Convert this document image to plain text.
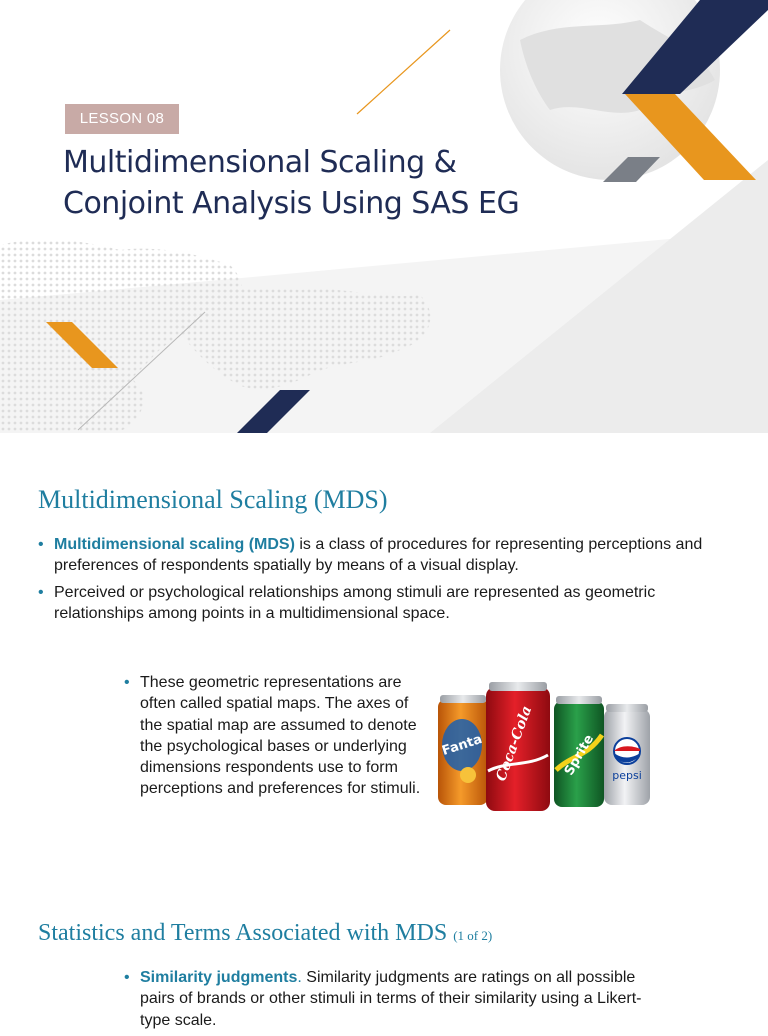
LESSON 08
Multidimensional Scaling &
Conjoint Analysis Using SAS EG
Multidimensional Scaling (MDS)
• Multidimensional scaling (MDS) is a class of procedures for representing perceptions and preferences of respondents spatially by means of a visual display.
• Perceived or psychological relationships among stimuli are represented as geometric relationships among points in a multidimensional space.
• These geometric representations are often called spatial maps. The axes of the spatial map are assumed to denote the psychological bases or underlying dimensions respondents use to form perceptions and preferences for stimuli.
Fanta Coca-Cola Sprite pepsi
Statistics and Terms Associated with MDS (1 of 2)
• Similarity judgments. Similarity judgments are ratings on all possible pairs of brands or other stimuli in terms of their similarity using a Likert-type scale.
